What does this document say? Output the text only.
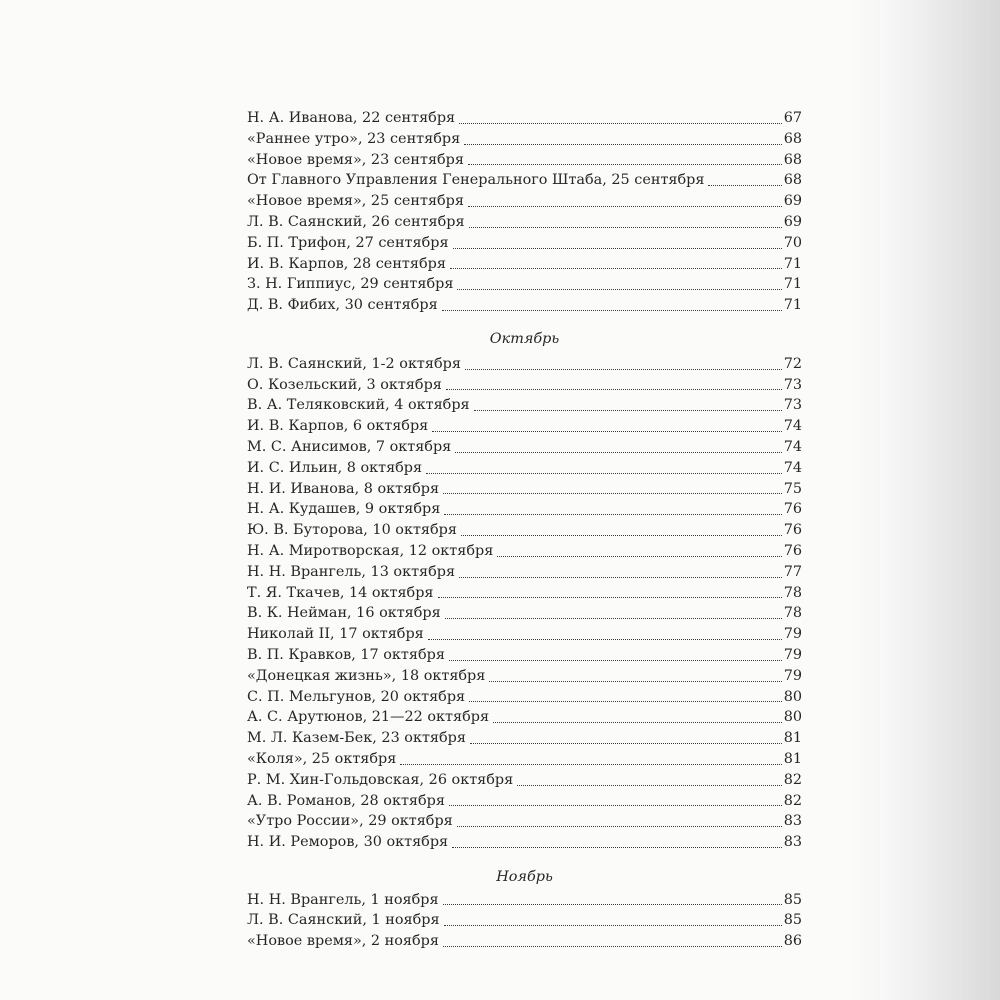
Н. А. Иванова, 22 сентября	67
«Раннее утро», 23 сентября	68
«Новое время», 23 сентября	68
От Главного Управления Генерального Штаба, 25 сентября	68
«Новое время», 25 сентября	69
Л. В. Саянский, 26 сентября	69
Б. П. Трифон, 27 сентября	70
И. В. Карпов, 28 сентября	71
З. Н. Гиппиус, 29 сентября	71
Д. В. Фибих, 30 сентября	71
Октябрь
Л. В. Саянский, 1-2 октября	72
О. Козельский, 3 октября	73
В. А. Теляковский, 4 октября	73
И. В. Карпов, 6 октября	74
М. С. Анисимов, 7 октября	74
И. С. Ильин, 8 октября	74
Н. И. Иванова, 8 октября	75
Н. А. Кудашев, 9 октября	76
Ю. В. Буторова, 10 октября	76
Н. А. Миротворская, 12 октября	76
Н. Н. Врангель, 13 октября	77
Т. Я. Ткачев, 14 октября	78
В. К. Нейман, 16 октября	78
Николай II, 17 октября	79
В. П. Кравков, 17 октября	79
«Донецкая жизнь», 18 октября	79
С. П. Мельгунов, 20 октября	80
А. С. Арутюнов, 21—22 октября	80
М. Л. Казем-Бек, 23 октября	81
«Коля», 25 октября	81
Р. М. Хин-Гольдовская, 26 октября	82
А. В. Романов, 28 октября	82
«Утро России», 29 октября	83
Н. И. Реморов, 30 октября	83
Ноябрь
Н. Н. Врангель, 1 ноября	85
Л. В. Саянский, 1 ноября	85
«Новое время», 2 ноября	86
